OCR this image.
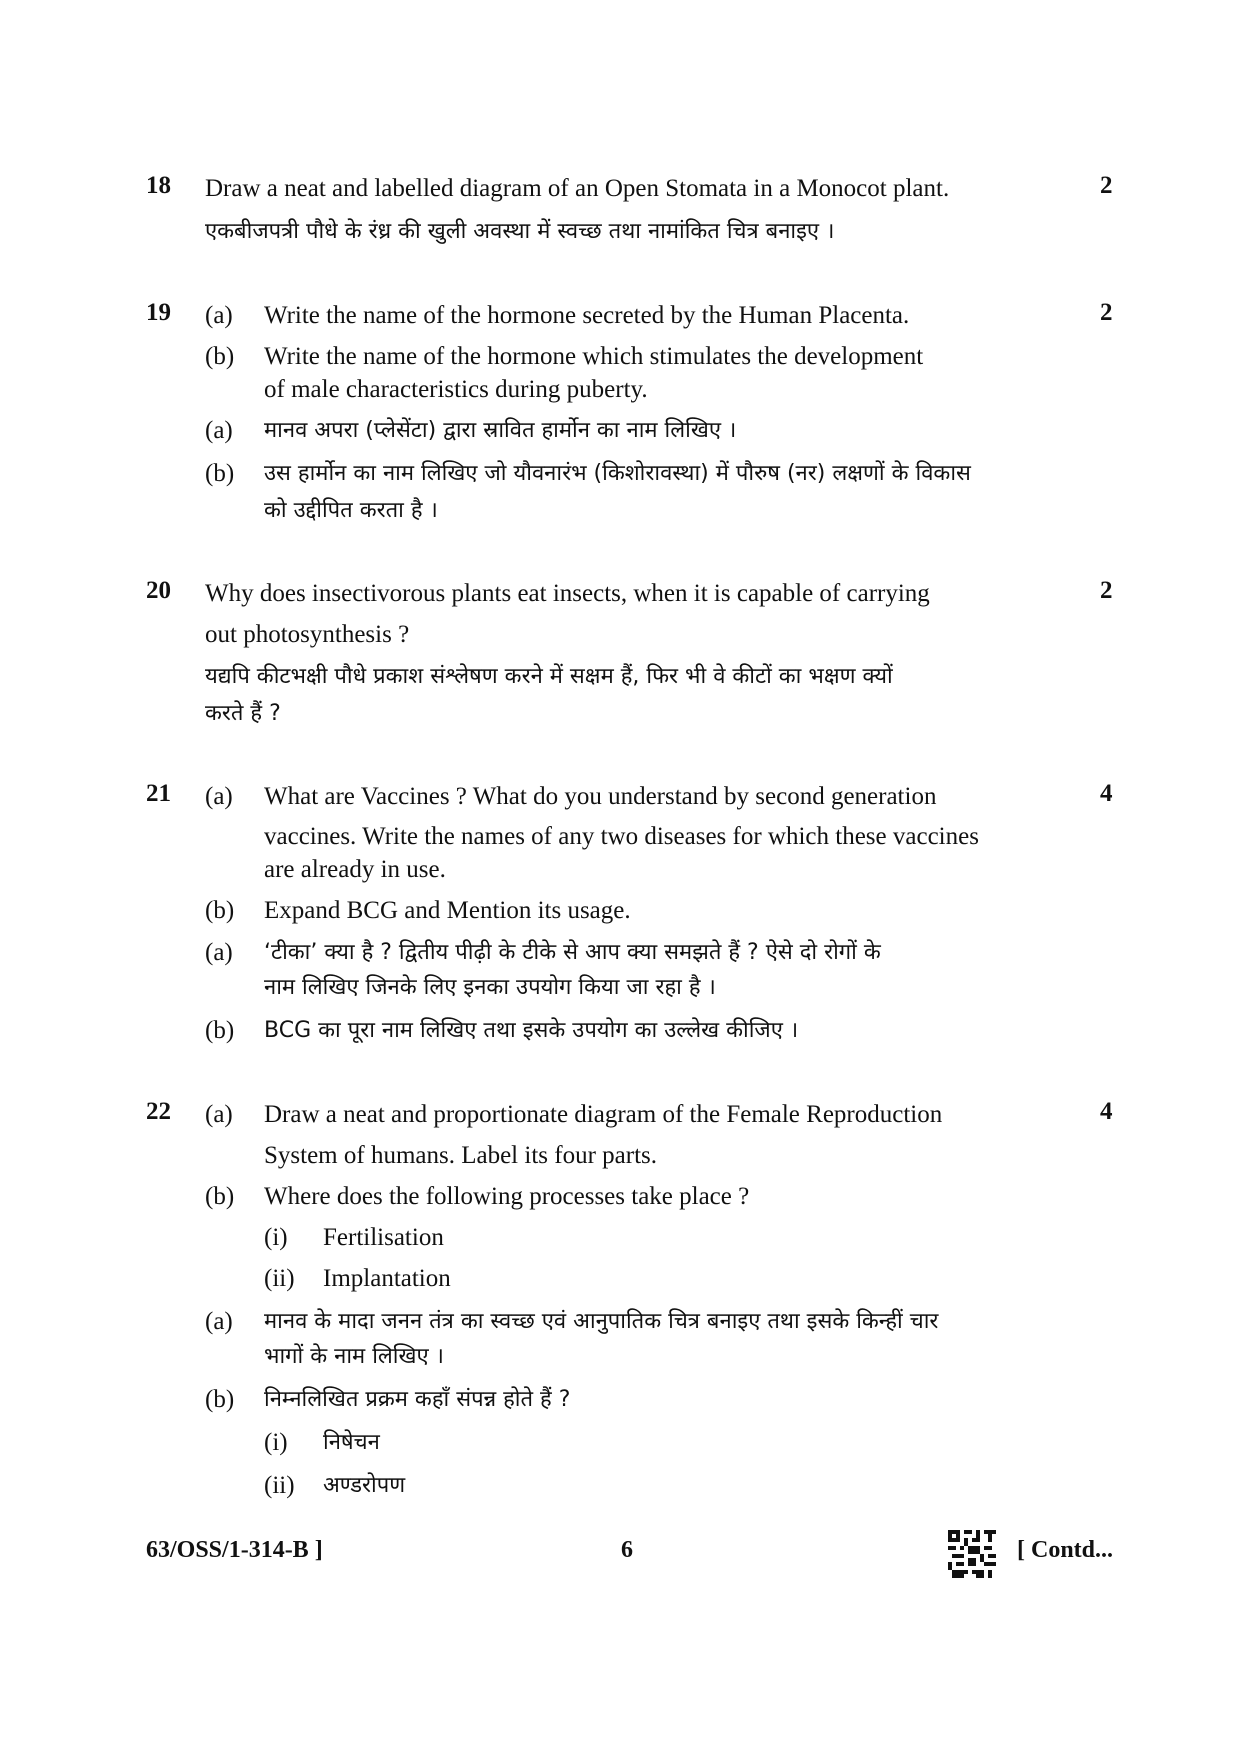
18 Draw a neat and labelled diagram of an Open Stomata in a Monocot plant.	2
एकबीजपत्री पौधे के रंध्र की खुली अवस्था में स्वच्छ तथा नामांकित चित्र बनाइए ।
19 (a) Write the name of the hormone secreted by the Human Placenta.	2
(b) Write the name of the hormone which stimulates the development
of male characteristics during puberty.
(a) मानव अपरा (प्लेसेंटा) द्वारा स्रावित हार्मोन का नाम लिखिए ।
(b) उस हार्मोन का नाम लिखिए जो यौवनारंभ (किशोरावस्था) में पौरुष (नर) लक्षणों के विकास
को उद्दीपित करता है ।
20 Why does insectivorous plants eat insects, when it is capable of carrying	2
out photosynthesis ?
यद्यपि कीटभक्षी पौधे प्रकाश संश्लेषण करने में सक्षम हैं, फिर भी वे कीटों का भक्षण क्यों
करते हैं ?
21 (a) What are Vaccines ? What do you understand by second generation	4
vaccines. Write the names of any two diseases for which these vaccines
are already in use.
(b) Expand BCG and Mention its usage.
(a) ‘टीका’ क्या है ? द्वितीय पीढ़ी के टीके से आप क्या समझते हैं ? ऐसे दो रोगों के
नाम लिखिए जिनके लिए इनका उपयोग किया जा रहा है ।
(b) BCG का पूरा नाम लिखिए तथा इसके उपयोग का उल्लेख कीजिए ।
22 (a) Draw a neat and proportionate diagram of the Female Reproduction	4
System of humans. Label its four parts.
(b) Where does the following processes take place ?
(i) Fertilisation
(ii) Implantation
(a) मानव के मादा जनन तंत्र का स्वच्छ एवं आनुपातिक चित्र बनाइए तथा इसके किन्हीं चार
भागों के नाम लिखिए ।
(b) निम्नलिखित प्रक्रम कहाँ संपन्न होते हैं ?
(i) निषेचन
(ii) अण्डरोपण
63/OSS/1-314-B ]	6	[ Contd...
